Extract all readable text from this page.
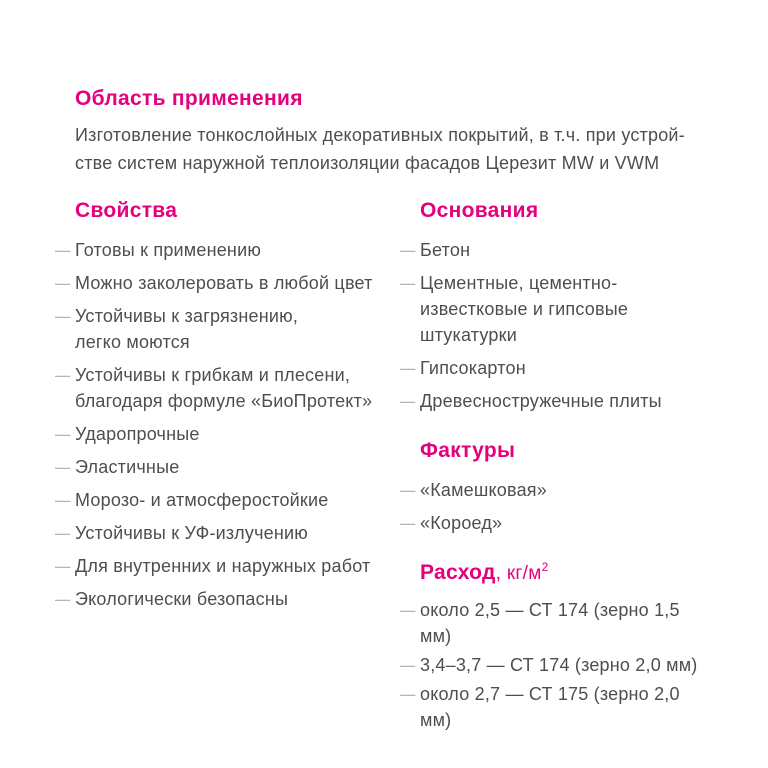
Область применения

Изготовление тонкослойных декоративных покрытий, в т.ч. при устрой-
стве систем наружной теплоизоляции фасадов Церезит MW и VWM

Свойства
— Готовы к применению
— Можно заколеровать в любой цвет
— Устойчивы к загрязнению,
легко моются
— Устойчивы к грибкам и плесени,
благодаря формуле «БиоПротект»
— Ударопрочные
— Эластичные
— Морозо- и атмосферостойкие
— Устойчивы к УФ-излучению
— Для внутренних и наружных работ
— Экологически безопасны
Основания
— Бетон
— Цементные, цементно-
известковые и гипсовые
штукатурки
— Гипсокартон
— Древесностружечные плиты
Фактуры
— «Камешковая»
— «Короед»
Расход, $кг/м^2$
— около 2,5 — СТ 174 (зерно 1,5 мм)
— 3,4–3,7 — СТ 174 (зерно 2,0 мм)
— около 2,7 — СТ 175 (зерно 2,0 мм)
